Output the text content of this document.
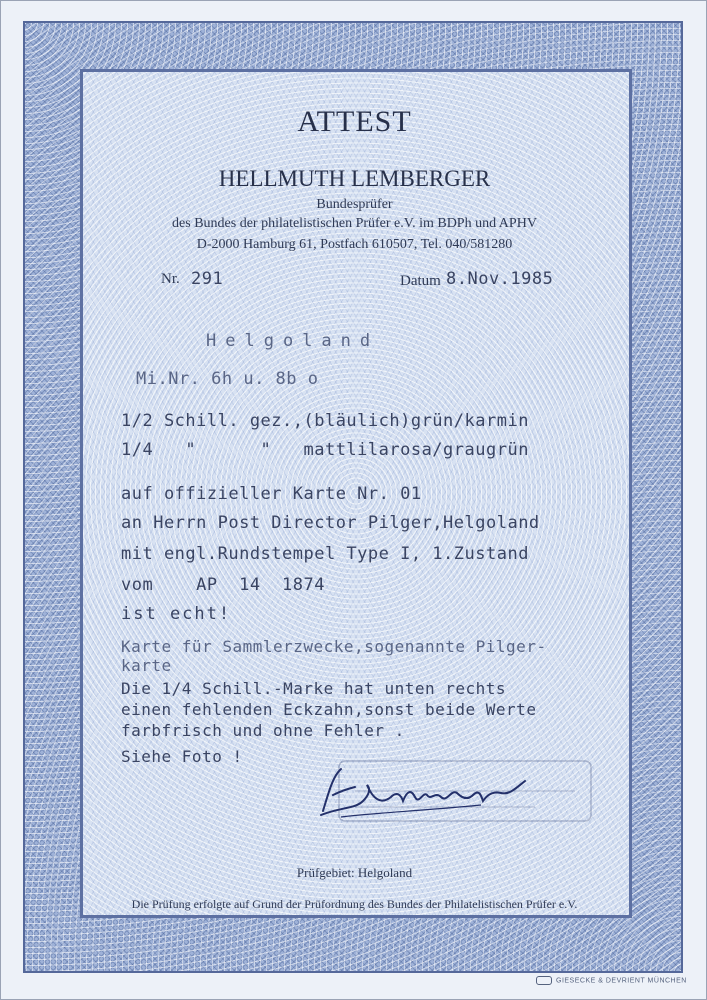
ATTEST
HELLMUTH LEMBERGER
Bundesprüfer
des Bundes der philatelistischen Prüfer e.V. im BDPh und APHV
D-2000 Hamburg 61, Postfach 610507, Tel. 040/581280
Nr. 291	Datum 8.Nov.1985
Helgoland
Mi.Nr. 6h u. 8b o
1/2 Schill. gez.,(bläulich)grün/karmin
1/4   "      "   mattlilarosa/graugrün
auf offizieller Karte Nr. 01
an Herrn Post Director Pilger,Helgoland
mit engl.Rundstempel Type I, 1.Zustand
vom    AP  14  1874
ist echt!
Karte für Sammlerzwecke,sogenannte Pilger-
karte
Die 1/4 Schill.-Marke hat unten rechts
einen fehlenden Eckzahn,sonst beide Werte
farbfrisch und ohne Fehler .
Siehe Foto !
Prüfgebiet: Helgoland
Die Prüfung erfolgte auf Grund der Prüfordnung des Bundes der Philatelistischen Prüfer e.V.
GIESECKE & DEVRIENT MÜNCHEN
